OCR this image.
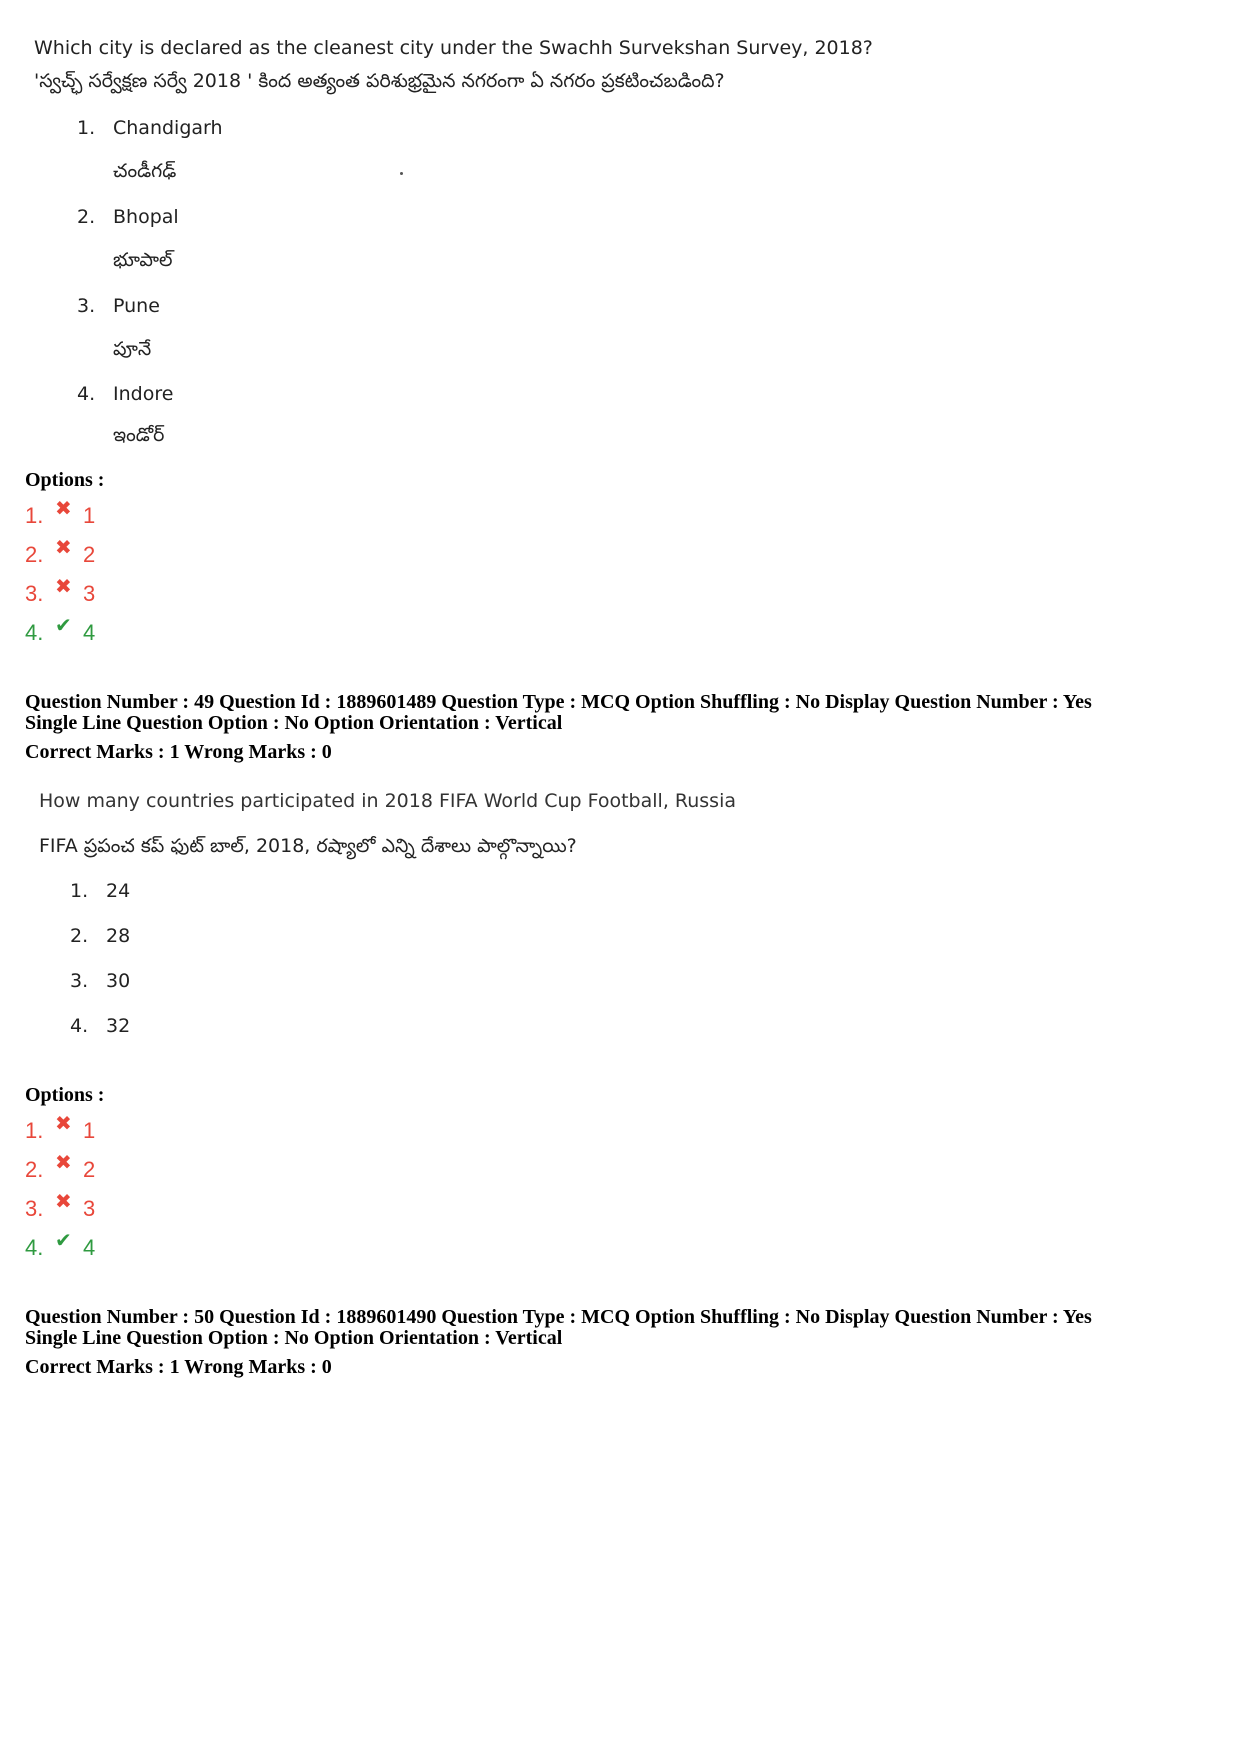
Which city is declared as the cleanest city under the Swachh Survekshan Survey, 2018?
'స్వచ్ఛ్ సర్వేక్షణ సర్వే 2018 ' కింద అత్యంత పరిశుభ్రమైన నగరంగా ఏ నగరం ప్రకటించబడింది?
1. Chandigarh
చండీగఢ్
2. Bhopal
భూపాల్
3. Pune
పూనే
4. Indore
ఇండోర్
Options :
1. ✖ 1
2. ✖ 2
3. ✖ 3
4. ✔ 4
Question Number : 49 Question Id : 1889601489 Question Type : MCQ Option Shuffling : No Display Question Number : Yes
Single Line Question Option : No Option Orientation : Vertical
Correct Marks : 1 Wrong Marks : 0
How many countries participated in 2018 FIFA World Cup Football, Russia
FIFA ప్రపంచ కప్ ఫుట్ బాల్, 2018, రష్యాలో ఎన్ని దేశాలు పాల్గొన్నాయి?
1. 24
2. 28
3. 30
4. 32
Options :
1. ✖ 1
2. ✖ 2
3. ✖ 3
4. ✔ 4
Question Number : 50 Question Id : 1889601490 Question Type : MCQ Option Shuffling : No Display Question Number : Yes
Single Line Question Option : No Option Orientation : Vertical
Correct Marks : 1 Wrong Marks : 0
